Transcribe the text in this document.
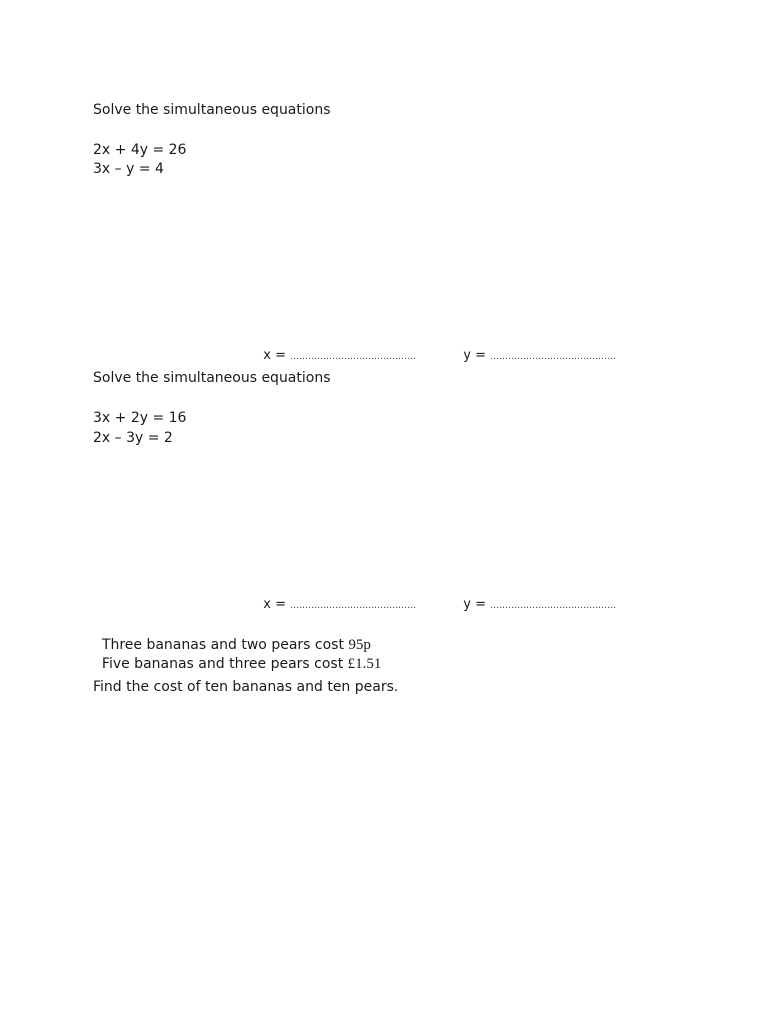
Solve the simultaneous equations
2x + 4y = 26
3x – y = 4

x = ……………………………………	y = ……………………………………

Solve the simultaneous equations
3x + 2y = 16
2x – 3y = 2

x = ……………………………………	y = ……………………………………

Three bananas and two pears cost 95p

Five bananas and three pears cost £1.51

Find the cost of ten bananas and ten pears.
